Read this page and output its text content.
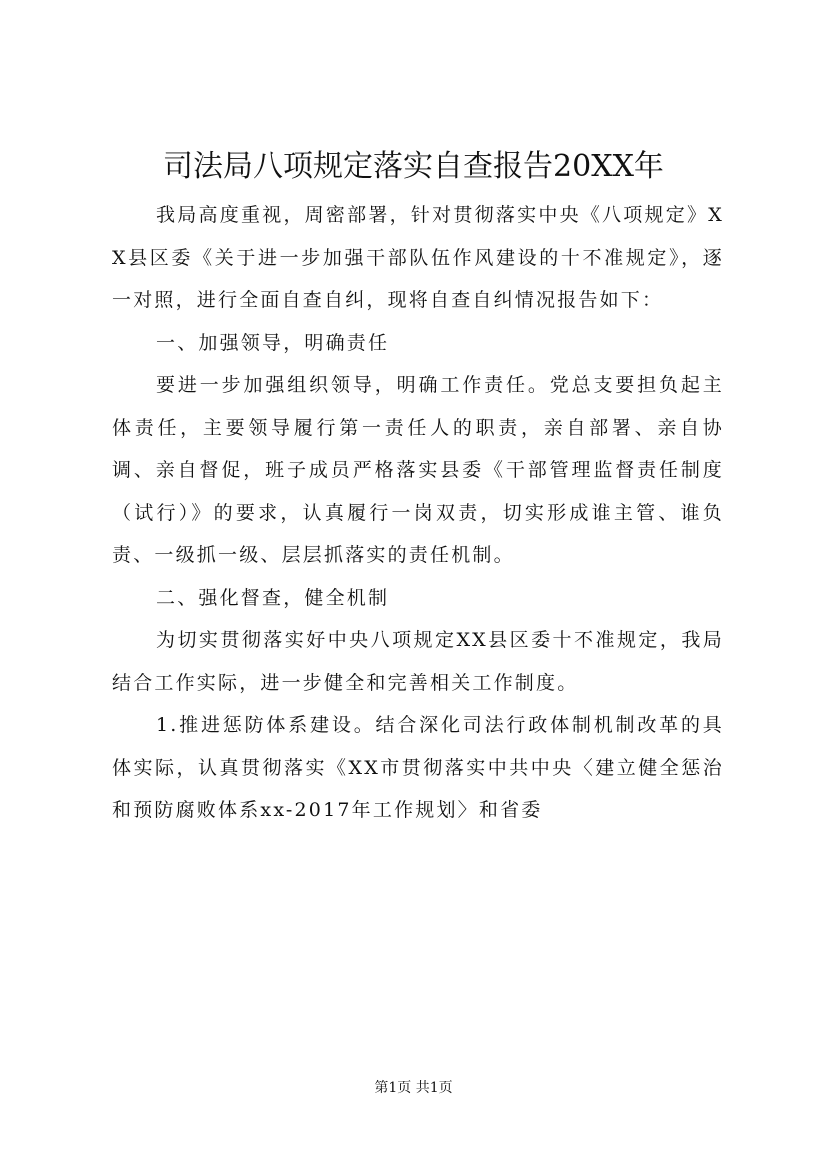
司法局八项规定落实自查报告20XX年

我局高度重视，周密部署，针对贯彻落实中央《八项规定》XX县区委《关于进一步加强干部队伍作风建设的十不准规定》，逐一对照，进行全面自查自纠，现将自查自纠情况报告如下：

一、加强领导，明确责任

要进一步加强组织领导，明确工作责任。党总支要担负起主体责任，主要领导履行第一责任人的职责，亲自部署、亲自协调、亲自督促，班子成员严格落实县委《干部管理监督责任制度（试行）》的要求，认真履行一岗双责，切实形成谁主管、谁负责、一级抓一级、层层抓落实的责任机制。

二、强化督查，健全机制

为切实贯彻落实好中央八项规定XX县区委十不准规定，我局结合工作实际，进一步健全和完善相关工作制度。

1.推进惩防体系建设。结合深化司法行政体制机制改革的具体实际，认真贯彻落实《XX市贯彻落实中共中央〈建立健全惩治和预防腐败体系xx-2017年工作规划〉和省委

第1页 共1页
